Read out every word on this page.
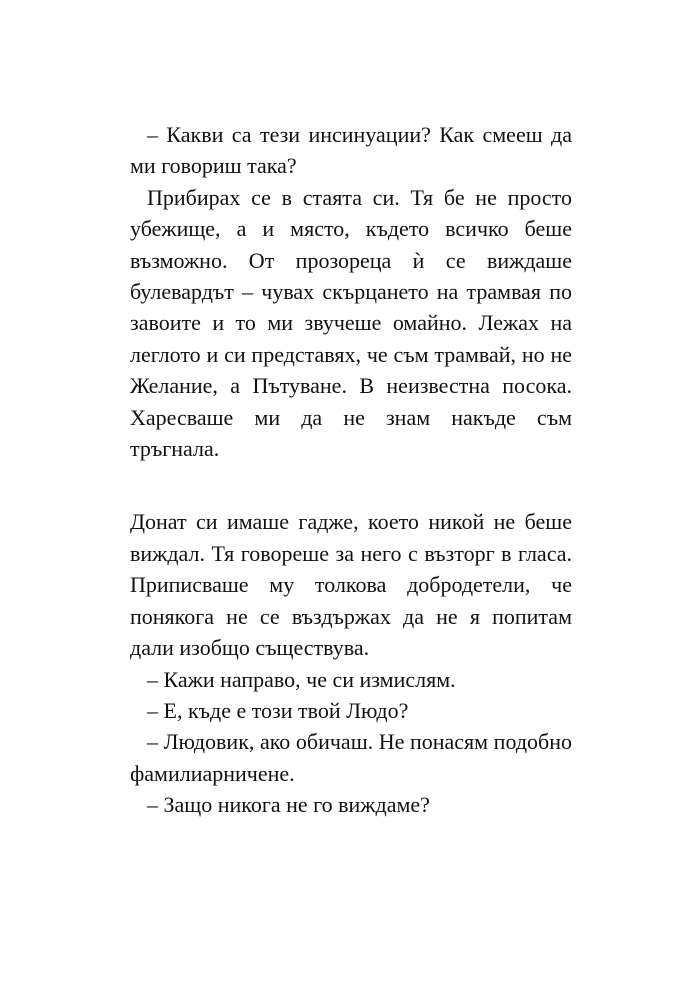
– Какви са тези инсинуации? Как смееш да ми говориш така?

Прибирах се в стаята си. Тя бе не просто убежище, а и място, където всичко беше възможно. От прозореца ѝ се виждаше булевардът – чувах скърцането на трамвая по завоите и то ми звучеше омайно. Лежах на леглото и си представях, че съм трамвай, но не Желание, а Пътуване. В неизвестна посока. Харесваше ми да не знам накъде съм тръгнала.

Донат си имаше гадже, което никой не беше виждал. Тя говореше за него с възторг в гласа. Приписваше му толкова добродетели, че понякога не се въздържах да не я попитам дали изобщо съществува.

– Кажи направо, че си измислям.

– Е, къде е този твой Людо?

– Людовик, ако обичаш. Не понасям подобно фамилиарничене.

– Защо никога не го виждаме?
